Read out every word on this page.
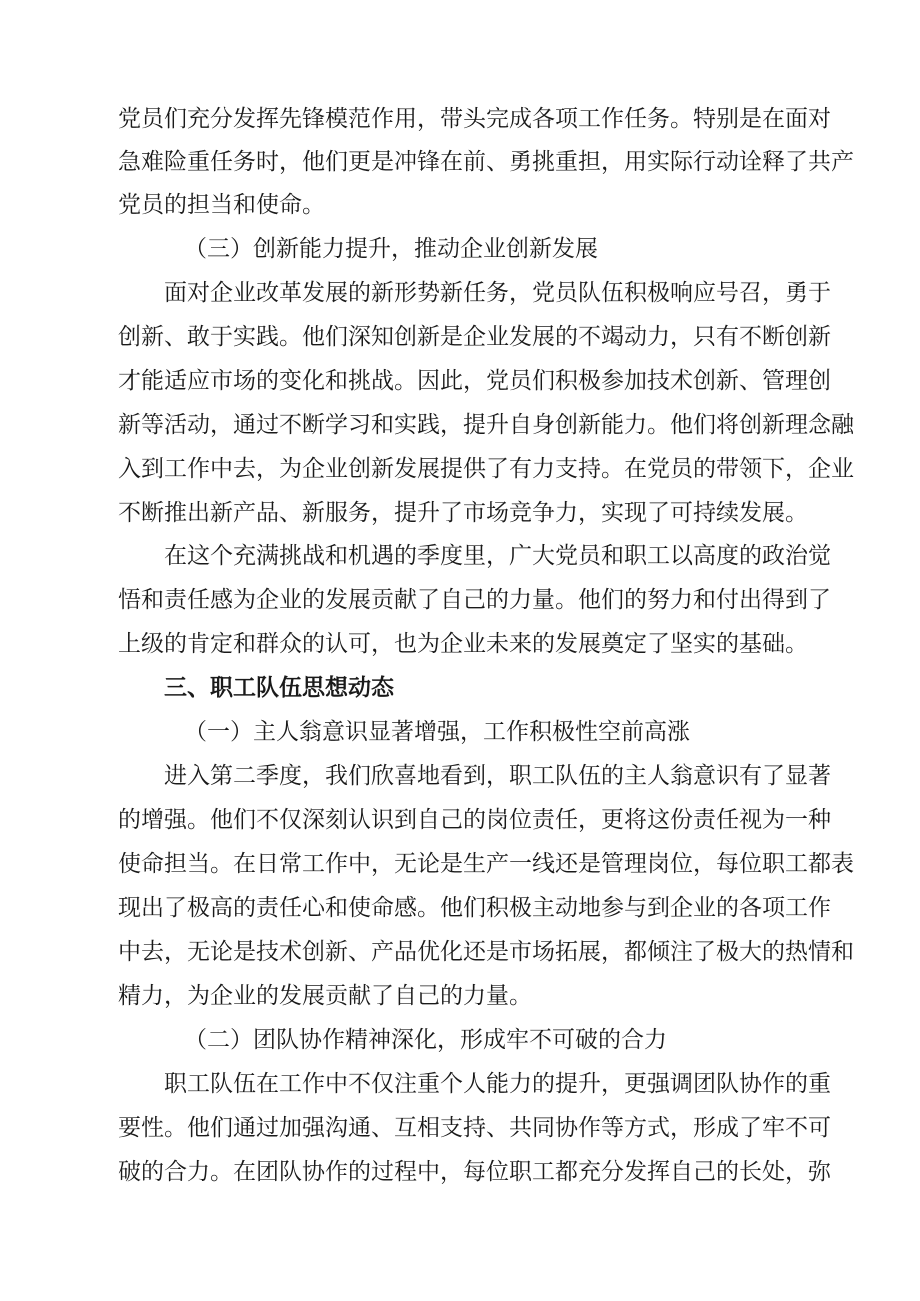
党员们充分发挥先锋模范作用，带头完成各项工作任务。特别是在面对
急难险重任务时，他们更是冲锋在前、勇挑重担，用实际行动诠释了共产
党员的担当和使命。
（三）创新能力提升，推动企业创新发展
面对企业改革发展的新形势新任务，党员队伍积极响应号召，勇于
创新、敢于实践。他们深知创新是企业发展的不竭动力，只有不断创新
才能适应市场的变化和挑战。因此，党员们积极参加技术创新、管理创
新等活动，通过不断学习和实践，提升自身创新能力。他们将创新理念融
入到工作中去，为企业创新发展提供了有力支持。在党员的带领下，企业
不断推出新产品、新服务，提升了市场竞争力，实现了可持续发展。
在这个充满挑战和机遇的季度里，广大党员和职工以高度的政治觉
悟和责任感为企业的发展贡献了自己的力量。他们的努力和付出得到了
上级的肯定和群众的认可，也为企业未来的发展奠定了坚实的基础。
三、职工队伍思想动态
（一）主人翁意识显著增强，工作积极性空前高涨
进入第二季度，我们欣喜地看到，职工队伍的主人翁意识有了显著
的增强。他们不仅深刻认识到自己的岗位责任，更将这份责任视为一种
使命担当。在日常工作中，无论是生产一线还是管理岗位，每位职工都表
现出了极高的责任心和使命感。他们积极主动地参与到企业的各项工作
中去，无论是技术创新、产品优化还是市场拓展，都倾注了极大的热情和
精力，为企业的发展贡献了自己的力量。
（二）团队协作精神深化，形成牢不可破的合力
职工队伍在工作中不仅注重个人能力的提升，更强调团队协作的重
要性。他们通过加强沟通、互相支持、共同协作等方式，形成了牢不可
破的合力。在团队协作的过程中，每位职工都充分发挥自己的长处，弥
